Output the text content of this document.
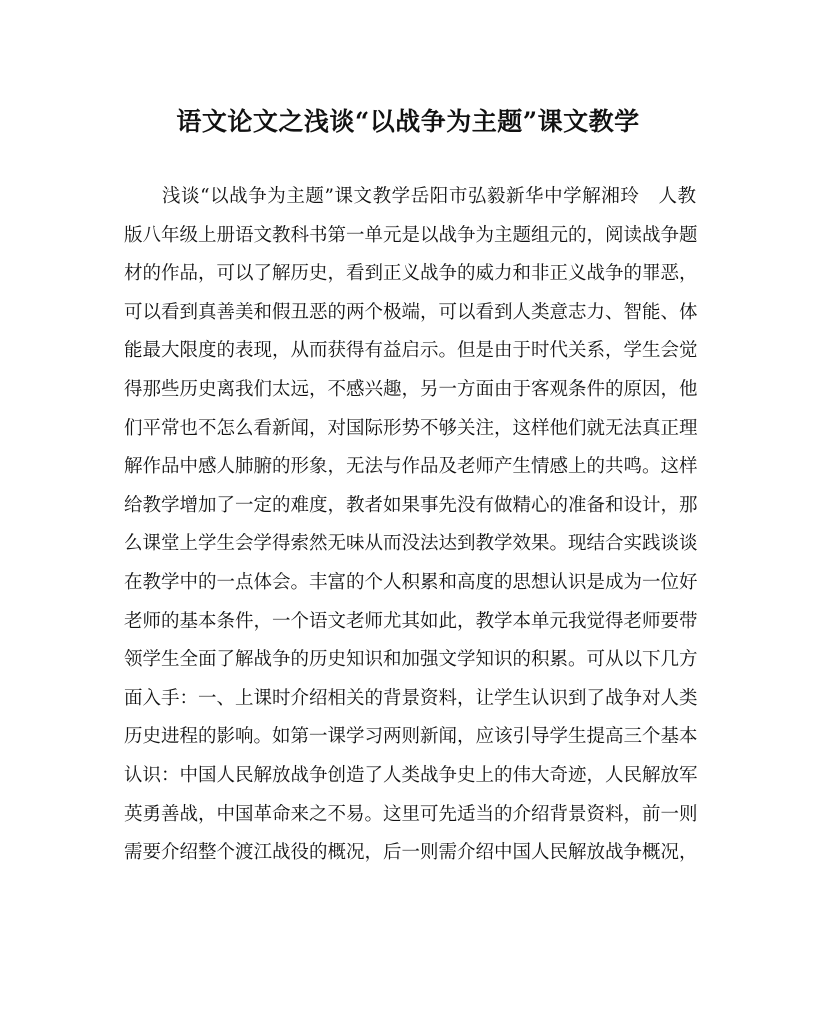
语文论文之浅谈“以战争为主题”课文教学
浅谈“以战争为主题”课文教学岳阳市弘毅新华中学解湘玲　人教
版八年级上册语文教科书第一单元是以战争为主题组元的，阅读战争题
材的作品，可以了解历史，看到正义战争的威力和非正义战争的罪恶，
可以看到真善美和假丑恶的两个极端，可以看到人类意志力、智能、体
能最大限度的表现，从而获得有益启示。但是由于时代关系，学生会觉
得那些历史离我们太远，不感兴趣，另一方面由于客观条件的原因，他
们平常也不怎么看新闻，对国际形势不够关注，这样他们就无法真正理
解作品中感人肺腑的形象，无法与作品及老师产生情感上的共鸣。这样
给教学增加了一定的难度，教者如果事先没有做精心的准备和设计，那
么课堂上学生会学得索然无味从而没法达到教学效果。现结合实践谈谈
在教学中的一点体会。丰富的个人积累和高度的思想认识是成为一位好
老师的基本条件，一个语文老师尤其如此，教学本单元我觉得老师要带
领学生全面了解战争的历史知识和加强文学知识的积累。可从以下几方
面入手：一、上课时介绍相关的背景资料，让学生认识到了战争对人类
历史进程的影响。如第一课学习两则新闻，应该引导学生提高三个基本
认识：中国人民解放战争创造了人类战争史上的伟大奇迹，人民解放军
英勇善战，中国革命来之不易。这里可先适当的介绍背景资料，前一则
需要介绍整个渡江战役的概况，后一则需介绍中国人民解放战争概况，
